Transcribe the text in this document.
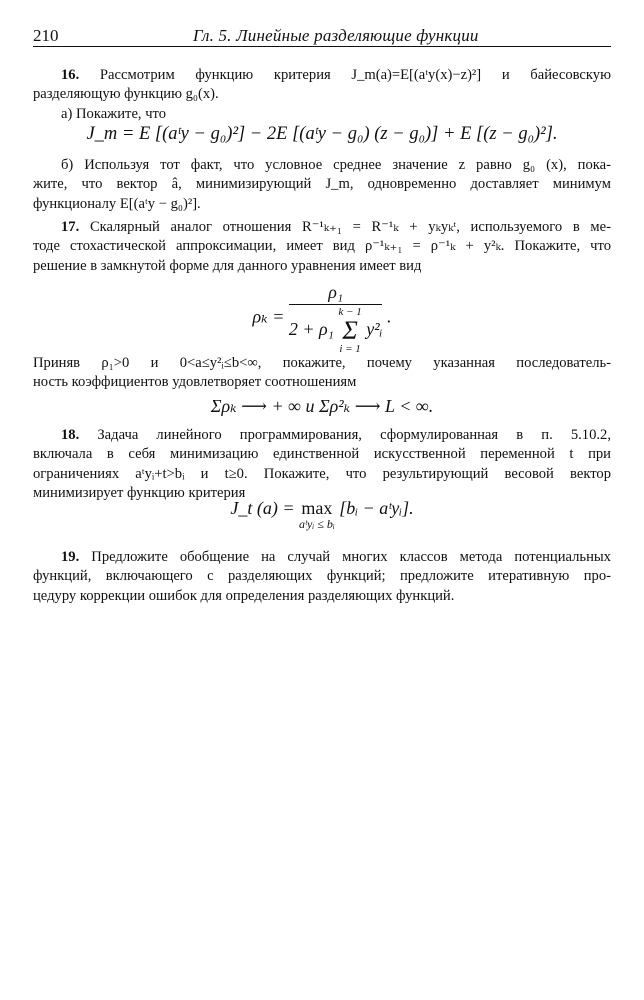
210	Гл. 5. Линейные разделяющие функции
16. Рассмотрим функцию критерия J_m(a)=E[(aᵗy(x)−z)²] и байесовскую
разделяющую функцию g₀(x).
а) Покажите, что
J_m = E [(aᵗy − g₀)²] − 2E [(aᵗy − g₀) (z − g₀)] + E [(z − g₀)²].
б) Используя тот факт, что условное среднее значение z равно g₀ (x), пока-
жите, что вектор â, минимизирующий J_m, одновременно доставляет минимум
функционалу E[(aᵗy − g₀)²].
17. Скалярный аналог отношения R⁻¹ₖ₊₁ = R⁻¹ₖ + yₖyₖᵗ, используемого в ме-
тоде стохастической аппроксимации, имеет вид ρ⁻¹ₖ₊₁ = ρ⁻¹ₖ + y²ₖ. Покажите, что
решение в замкнутой форме для данного уравнения имеет вид
ρₖ =
ρ₁
2 + ρ₁
k − 1
Σ
i = 1
y²ᵢ
.
Приняв ρ₁>0 и 0<a≤y²ᵢ≤b<∞, покажите, почему указанная последователь-
ность коэффициентов удовлетворяет соотношениям
Σρₖ ⟶ + ∞ и Σρ²ₖ ⟶ L < ∞.
18. Задача линейного программирования, сформулированная в п. 5.10.2,
включала в себя минимизацию единственной искусственной переменной t при
ограничениях aᵗyᵢ+t>bᵢ и t≥0. Покажите, что результирующий весовой вектор
минимизирует функцию критерия
J_t (a) = max
aᵗyᵢ ≤ bᵢ
[bᵢ − aᵗyᵢ].
19. Предложите обобщение на случай многих классов метода потенциальных
функций, включающего c разделяющих функций; предложите итеративную про-
цедуру коррекции ошибок для определения разделяющих функций.
